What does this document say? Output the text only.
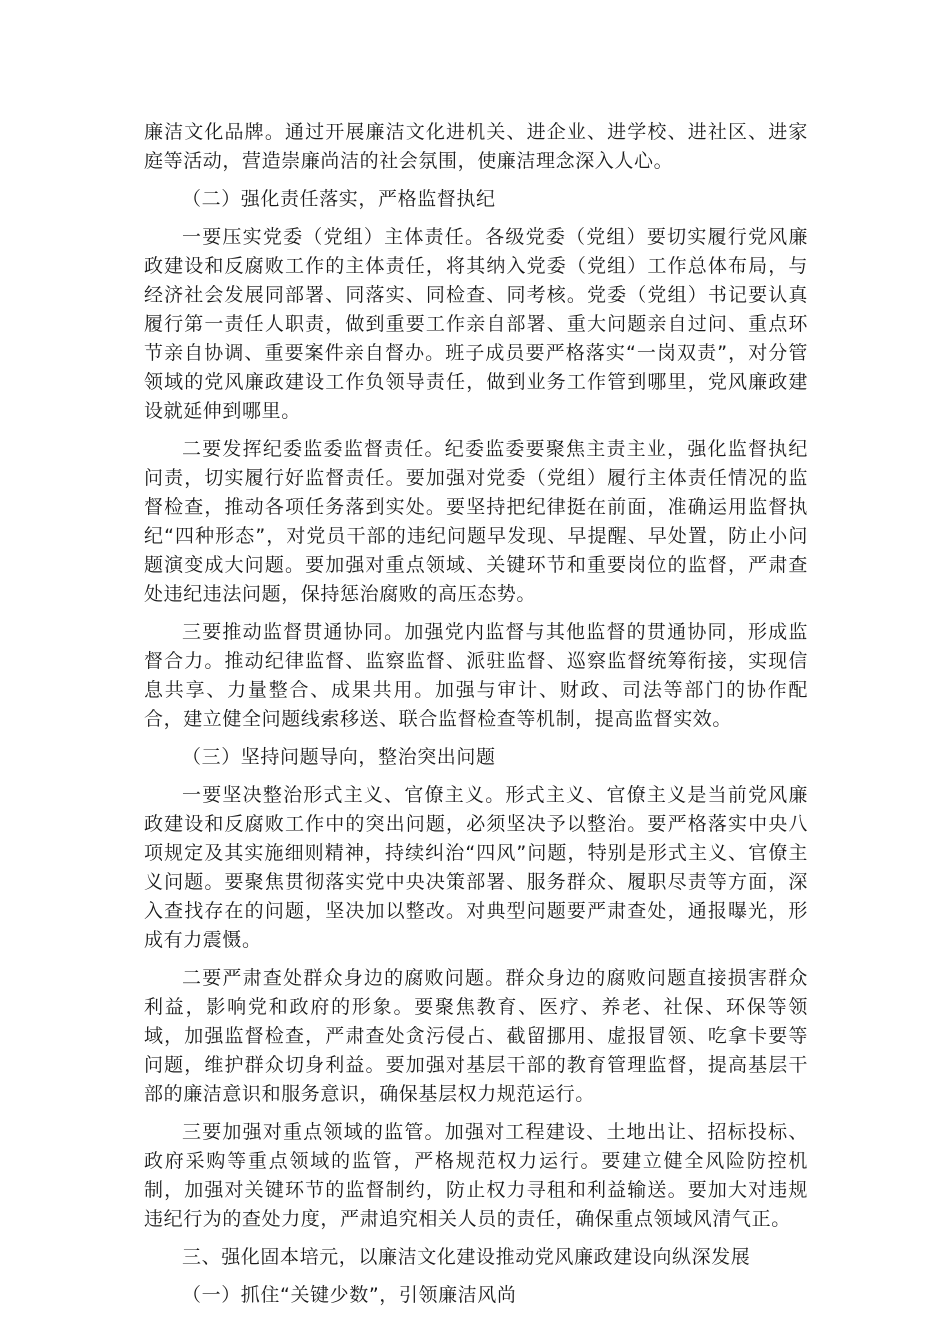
廉洁文化品牌。通过开展廉洁文化进机关、进企业、进学校、进社区、进家庭等活动，营造崇廉尚洁的社会氛围，使廉洁理念深入人心。

（二）强化责任落实，严格监督执纪

一要压实党委（党组）主体责任。各级党委（党组）要切实履行党风廉政建设和反腐败工作的主体责任，将其纳入党委（党组）工作总体布局，与经济社会发展同部署、同落实、同检查、同考核。党委（党组）书记要认真履行第一责任人职责，做到重要工作亲自部署、重大问题亲自过问、重点环节亲自协调、重要案件亲自督办。班子成员要严格落实“一岗双责”，对分管领域的党风廉政建设工作负领导责任，做到业务工作管到哪里，党风廉政建设就延伸到哪里。

二要发挥纪委监委监督责任。纪委监委要聚焦主责主业，强化监督执纪问责，切实履行好监督责任。要加强对党委（党组）履行主体责任情况的监督检查，推动各项任务落到实处。要坚持把纪律挺在前面，准确运用监督执纪“四种形态”，对党员干部的违纪问题早发现、早提醒、早处置，防止小问题演变成大问题。要加强对重点领域、关键环节和重要岗位的监督，严肃查处违纪违法问题，保持惩治腐败的高压态势。

三要推动监督贯通协同。加强党内监督与其他监督的贯通协同，形成监督合力。推动纪律监督、监察监督、派驻监督、巡察监督统筹衔接，实现信息共享、力量整合、成果共用。加强与审计、财政、司法等部门的协作配合，建立健全问题线索移送、联合监督检查等机制，提高监督实效。

（三）坚持问题导向，整治突出问题

一要坚决整治形式主义、官僚主义。形式主义、官僚主义是当前党风廉政建设和反腐败工作中的突出问题，必须坚决予以整治。要严格落实中央八项规定及其实施细则精神，持续纠治“四风”问题，特别是形式主义、官僚主义问题。要聚焦贯彻落实党中央决策部署、服务群众、履职尽责等方面，深入查找存在的问题，坚决加以整改。对典型问题要严肃查处，通报曝光，形成有力震慑。

二要严肃查处群众身边的腐败问题。群众身边的腐败问题直接损害群众利益，影响党和政府的形象。要聚焦教育、医疗、养老、社保、环保等领域，加强监督检查，严肃查处贪污侵占、截留挪用、虚报冒领、吃拿卡要等问题，维护群众切身利益。要加强对基层干部的教育管理监督，提高基层干部的廉洁意识和服务意识，确保基层权力规范运行。

三要加强对重点领域的监管。加强对工程建设、土地出让、招标投标、政府采购等重点领域的监管，严格规范权力运行。要建立健全风险防控机制，加强对关键环节的监督制约，防止权力寻租和利益输送。要加大对违规违纪行为的查处力度，严肃追究相关人员的责任，确保重点领域风清气正。

三、强化固本培元，以廉洁文化建设推动党风廉政建设向纵深发展

（一）抓住“关键少数”，引领廉洁风尚
